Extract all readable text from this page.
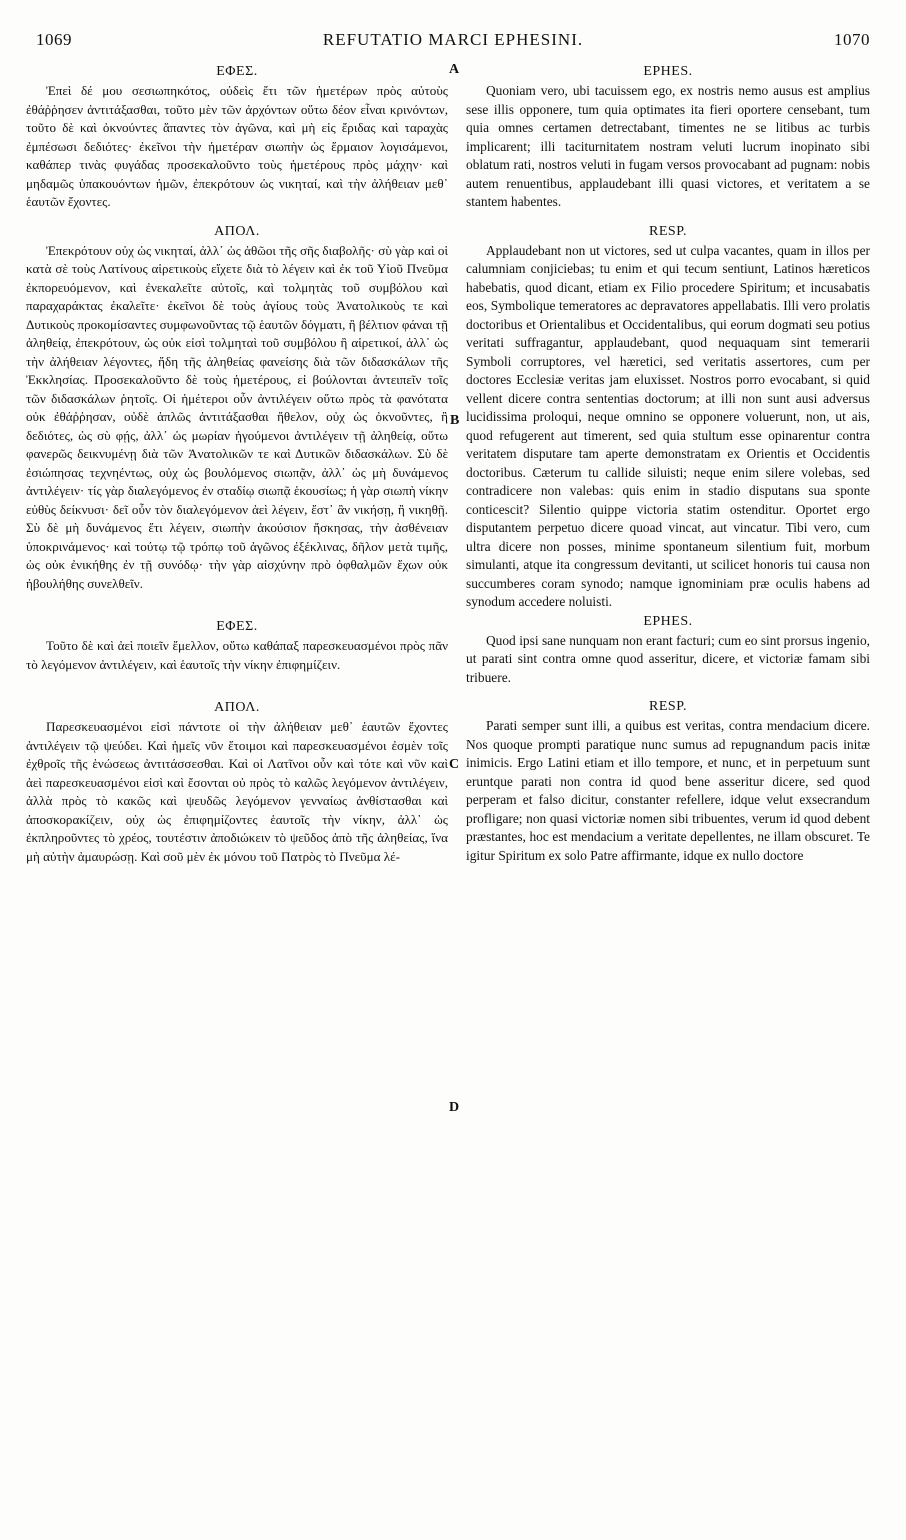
1069	REFUTATIO MARCI EPHESINI.	1070
A
B
C
D
ΕΦΕΣ.
Ἐπεὶ δέ μου σεσιωπηκότος, οὐδεὶς ἔτι τῶν ἡμετέρων πρὸς αὐτοὺς ἐθάῤῥησεν ἀντιτάξασθαι, τοῦτο μὲν τῶν ἀρχόντων οὕτω δέον εἶναι κρινόντων, τοῦτο δὲ καὶ ὀκνούντες ἅπαντες τὸν ἀγῶνα, καὶ μὴ εἰς ἔριδας καὶ ταραχὰς ἐμπέσωσι δεδιότες· ἐκεῖνοι τὴν ἡμετέραν σιωπὴν ὡς ἕρμαιον λογισάμενοι, καθάπερ τινὰς φυγάδας προσεκαλοῦντο τοὺς ἡμετέρους πρὸς μάχην· καὶ μηδαμῶς ὑπακουόντων ἡμῶν, ἐπεκρότουν ὡς νικηταί, καὶ τὴν ἀλήθειαν μεθ᾽ ἑαυτῶν ἔχοντες.
ΑΠΟΛ.
Ἐπεκρότουν οὐχ ὡς νικηταί, ἀλλ᾽ ὡς ἀθῶοι τῆς σῆς διαβολῆς· σὺ γὰρ καὶ οἱ κατὰ σὲ τοὺς Λατίνους αἱρετικοὺς εἴχετε διὰ τὸ λέγειν καὶ ἐκ τοῦ Υἱοῦ Πνεῦμα ἐκπορευόμενον, καὶ ἐνεκαλεῖτε αὐτοῖς, καὶ τολμητὰς τοῦ συμβόλου καὶ παραχαράκτας ἐκαλεῖτε· ἐκεῖνοι δὲ τοὺς ἁγίους τοὺς Ἀνατολικοὺς τε καὶ Δυτικοὺς προκομίσαντες συμφωνοῦντας τῷ ἑαυτῶν δόγματι, ἢ βέλτιον φάναι τῇ ἀληθείᾳ, ἐπεκρότουν, ὡς οὐκ εἰσὶ τολμηταὶ τοῦ συμβόλου ἢ αἱρετικοί, ἀλλ᾽ ὡς τὴν ἀλήθειαν λέγοντες, ἤδη τῆς ἀληθείας φανείσης διὰ τῶν διδασκάλων τῆς Ἐκκλησίας. Προσεκαλοῦντο δὲ τοὺς ἡμετέρους, εἰ βούλονται ἀντειπεῖν τοῖς τῶν διδασκάλων ῥητοῖς. Οἱ ἡμέτεροι οὖν ἀντιλέγειν οὕτω πρὸς τὰ φανότατα οὐκ ἐθάῤῥησαν, οὐδὲ ἁπλῶς ἀντιτάξασθαι ἤθελον, οὐχ ὡς ὀκνοῦντες, ἢ δεδιότες, ὡς σὺ φῄς, ἀλλ᾽ ὡς μωρίαν ἡγούμενοι ἀντιλέγειν τῇ ἀληθείᾳ, οὕτω φανερῶς δεικνυμένῃ διὰ τῶν Ἀνατολικῶν τε καὶ Δυτικῶν διδασκάλων. Σὺ δὲ ἐσιώπησας τεχνηέντως, οὐχ ὡς βουλόμενος σιωπᾷν, ἀλλ᾽ ὡς μὴ δυνάμενος ἀντιλέγειν· τίς γὰρ διαλεγόμενος ἐν σταδίῳ σιωπᾷ ἑκουσίως; ἡ γὰρ σιωπὴ νίκην εὐθὺς δείκνυσι· δεῖ οὖν τὸν διαλεγόμενον ἀεὶ λέγειν, ἔστ᾽ ἂν νικήσῃ, ἢ νικηθῇ. Σὺ δὲ μὴ δυνάμενος ἔτι λέγειν, σιωπὴν ἀκούσιον ἤσκησας, τὴν ἀσθένειαν ὑποκρινάμενος· καὶ τούτῳ τῷ τρόπῳ τοῦ ἀγῶνος ἐξέκλινας, δῆλον μετὰ τιμῆς, ὡς οὐκ ἐνικήθης ἐν τῇ συνόδῳ· τὴν γὰρ αἰσχύνην πρὸ ὀφθαλμῶν ἔχων οὐκ ἠβουλήθης συνελθεῖν.
ΕΦΕΣ.
Τοῦτο δὲ καὶ ἀεὶ ποιεῖν ἔμελλον, οὕτω καθάπαξ παρεσκευασμένοι πρὸς πᾶν τὸ λεγόμενον ἀντιλέγειν, καὶ ἑαυτοῖς τὴν νίκην ἐπιφημίζειν.
ΑΠΟΛ.
Παρεσκευασμένοι εἰσὶ πάντοτε οἱ τὴν ἀλήθειαν μεθ᾽ ἑαυτῶν ἔχοντες ἀντιλέγειν τῷ ψεύδει. Καὶ ἡμεῖς νῦν ἕτοιμοι καὶ παρεσκευασμένοι ἐσμὲν τοῖς ἐχθροῖς τῆς ἑνώσεως ἀντιτάσσεσθαι. Καὶ οἱ Λατῖνοι οὖν καὶ τότε καὶ νῦν καὶ ἀεὶ παρεσκευασμένοι εἰσὶ καὶ ἔσονται οὐ πρὸς τὸ καλῶς λεγόμενον ἀντιλέγειν, ἀλλὰ πρὸς τὸ κακῶς καὶ ψευδῶς λεγόμενον γενναίως ἀνθίστασθαι καὶ ἀποσκορακίζειν, οὐχ ὡς ἐπιφημίζοντες ἑαυτοῖς τὴν νίκην, ἀλλ᾽ ὡς ἐκπληροῦντες τὸ χρέος, τουτέστιν ἀποδιώκειν τὸ ψεῦδος ἀπὸ τῆς ἀληθείας, ἵνα μὴ αὐτὴν ἀμαυρώσῃ. Καὶ σοῦ μὲν ἐκ μόνου τοῦ Πατρὸς τὸ Πνεῦμα λέ-
EPHES.
Quoniam vero, ubi tacuissem ego, ex nostris nemo ausus est amplius sese illis opponere, tum quia optimates ita fieri oportere censebant, tum quia omnes certamen detrectabant, timentes ne se litibus ac turbis implicarent; illi taciturnitatem nostram veluti lucrum inopinato sibi oblatum rati, nostros veluti in fugam versos provocabant ad pugnam: nobis autem renuentibus, applaudebant illi quasi victores, et veritatem a se stantem habentes.
RESP.
Applaudebant non ut victores, sed ut culpa vacantes, quam in illos per calumniam conjiciebas; tu enim et qui tecum sentiunt, Latinos hæreticos habebatis, quod dicant, etiam ex Filio procedere Spiritum; et incusabatis eos, Symbolique temeratores ac depravatores appellabatis. Illi vero prolatis doctoribus et Orientalibus et Occidentalibus, qui eorum dogmati seu potius veritati suffragantur, applaudebant, quod nequaquam sint temerarii Symboli corruptores, vel hæretici, sed veritatis assertores, cum per doctores Ecclesiæ veritas jam eluxisset. Nostros porro evocabant, si quid vellent dicere contra sententias doctorum; at illi non sunt ausi adversus lucidissima proloqui, neque omnino se opponere voluerunt, non, ut ais, quod refugerent aut timerent, sed quia stultum esse opinarentur contra veritatem disputare tam aperte demonstratam ex Orientis et Occidentis doctoribus. Cæterum tu callide siluisti; neque enim silere volebas, sed contradicere non valebas: quis enim in stadio disputans sua sponte conticescit? Silentio quippe victoria statim ostenditur. Oportet ergo disputantem perpetuo dicere quoad vincat, aut vincatur. Tibi vero, cum ultra dicere non posses, minime spontaneum silentium fuit, morbum simulanti, atque ita congressum devitanti, ut scilicet honoris tui causa non succumberes coram synodo; namque ignominiam præ oculis habens ad synodum accedere noluisti.
EPHES.
Quod ipsi sane nunquam non erant facturi; cum eo sint prorsus ingenio, ut parati sint contra omne quod asseritur, dicere, et victoriæ famam sibi tribuere.
RESP.
Parati semper sunt illi, a quibus est veritas, contra mendacium dicere. Nos quoque prompti paratique nunc sumus ad repugnandum pacis initæ inimicis. Ergo Latini etiam et illo tempore, et nunc, et in perpetuum sunt eruntque parati non contra id quod bene asseritur dicere, sed quod perperam et falso dicitur, constanter refellere, idque velut exsecrandum profligare; non quasi victoriæ nomen sibi tribuentes, verum id quod debent præstantes, hoc est mendacium a veritate depellentes, ne illam obscuret. Te igitur Spiritum ex solo Patre affirmante, idque ex nullo doctore
